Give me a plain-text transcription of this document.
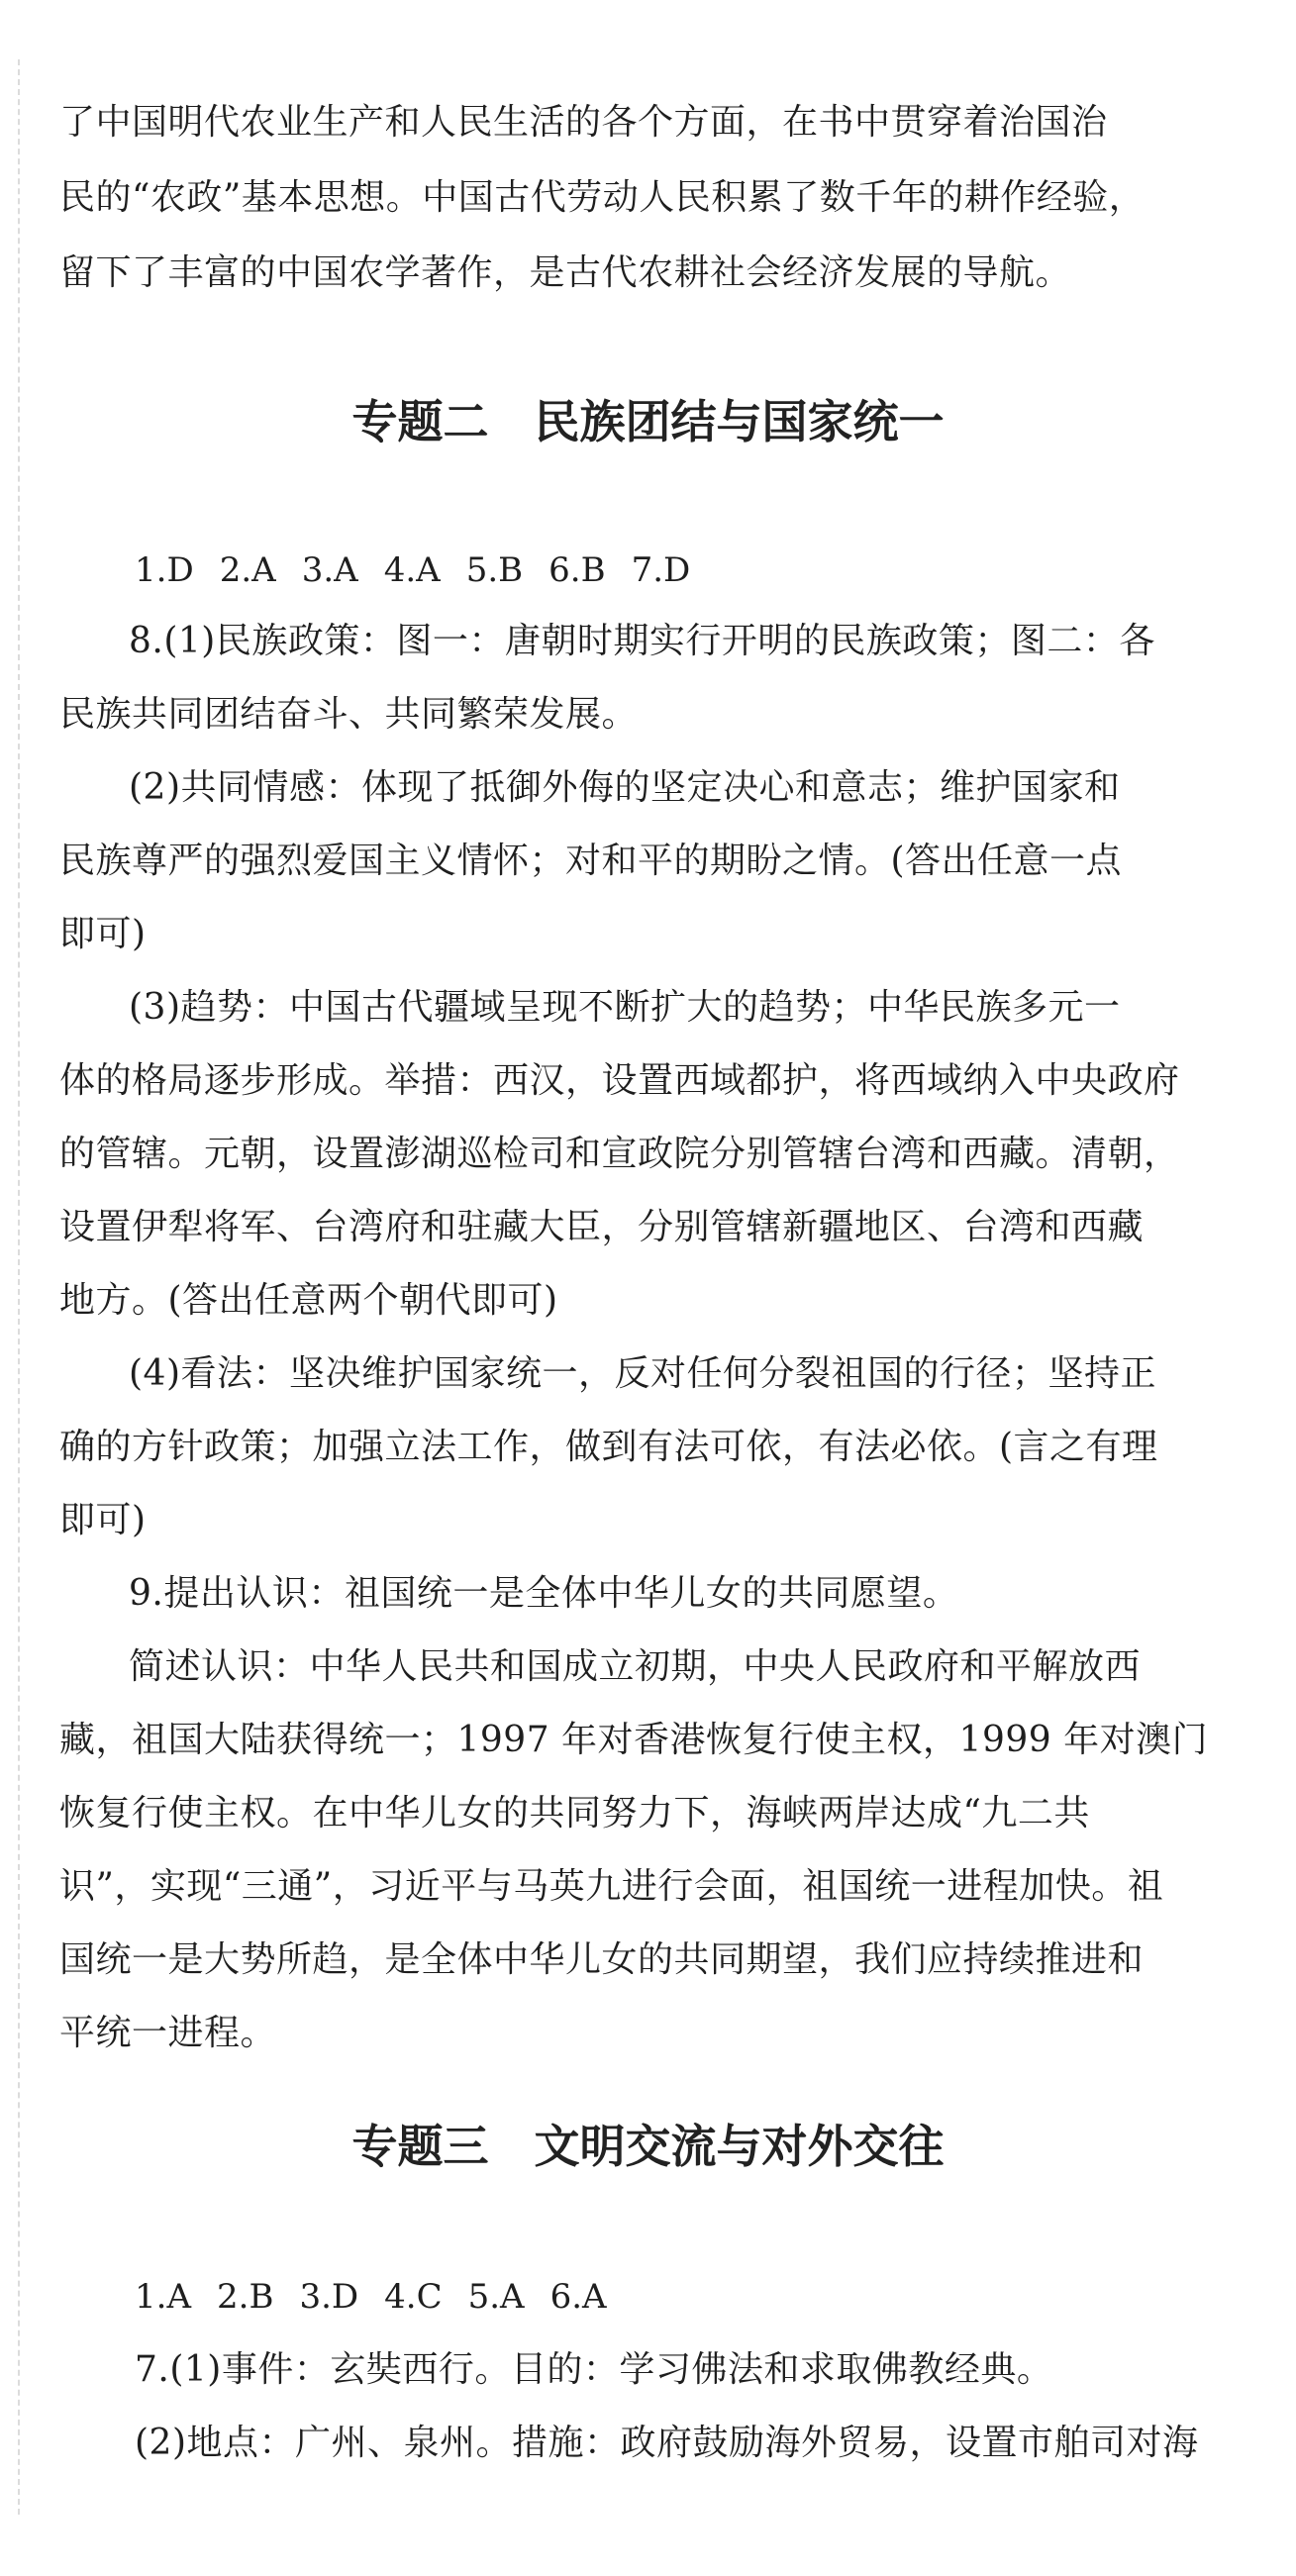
了中国明代农业生产和人民生活的各个方面，在书中贯穿着治国治
民的“农政”基本思想。中国古代劳动人民积累了数千年的耕作经验，
留下了丰富的中国农学著作，是古代农耕社会经济发展的导航。
专题二　民族团结与国家统一
1.D 2.A 3.A 4.A 5.B 6.B 7.D
8.(1)民族政策：图一：唐朝时期实行开明的民族政策；图二：各
民族共同团结奋斗、共同繁荣发展。
(2)共同情感：体现了抵御外侮的坚定决心和意志；维护国家和
民族尊严的强烈爱国主义情怀；对和平的期盼之情。(答出任意一点
即可)
(3)趋势：中国古代疆域呈现不断扩大的趋势；中华民族多元一
体的格局逐步形成。举措：西汉，设置西域都护，将西域纳入中央政府
的管辖。元朝，设置澎湖巡检司和宣政院分别管辖台湾和西藏。清朝，
设置伊犁将军、台湾府和驻藏大臣，分别管辖新疆地区、台湾和西藏
地方。(答出任意两个朝代即可)
(4)看法：坚决维护国家统一，反对任何分裂祖国的行径；坚持正
确的方针政策；加强立法工作，做到有法可依，有法必依。(言之有理
即可)
9.提出认识：祖国统一是全体中华儿女的共同愿望。
简述认识：中华人民共和国成立初期，中央人民政府和平解放西
藏，祖国大陆获得统一；1997 年对香港恢复行使主权，1999 年对澳门
恢复行使主权。在中华儿女的共同努力下，海峡两岸达成“九二共
识”，实现“三通”，习近平与马英九进行会面，祖国统一进程加快。祖
国统一是大势所趋，是全体中华儿女的共同期望，我们应持续推进和
平统一进程。
专题三　文明交流与对外交往
1.A 2.B 3.D 4.C 5.A 6.A
7.(1)事件：玄奘西行。目的：学习佛法和求取佛教经典。
(2)地点：广州、泉州。措施：政府鼓励海外贸易，设置市舶司对海
